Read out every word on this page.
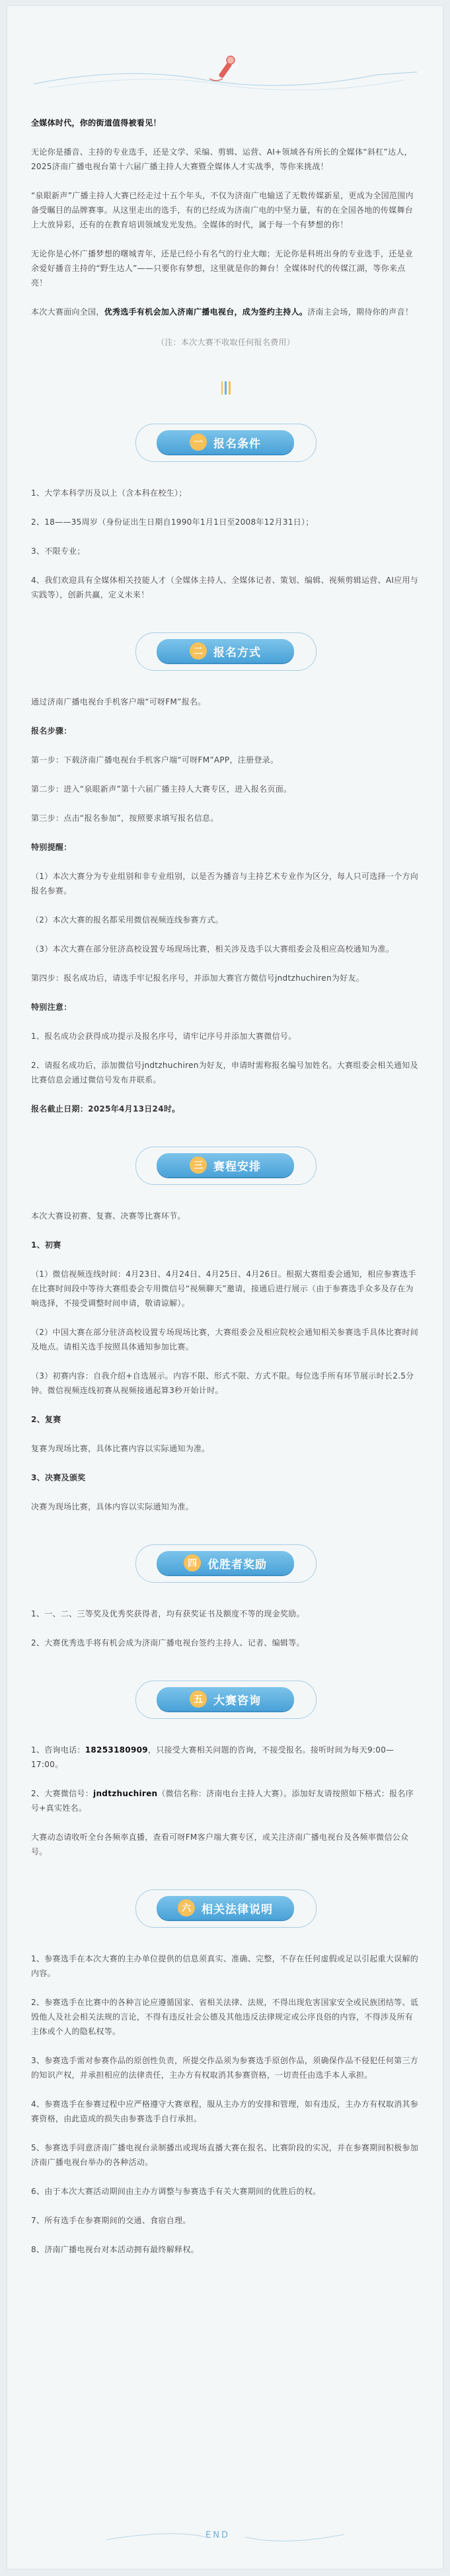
全媒体时代，你的街道值得被看见！

无论你是播音、主持的专业选手，还是文学、采编、剪辑、运营、AI+领域各有所长的全媒体“斜杠”达人，2025济南广播电视台第十六届广播主持人大赛暨全媒体人才实战季，等你来挑战！

“泉眼新声”广播主持人大赛已经走过十五个年头，不仅为济南广电输送了无数传媒新星，更成为全国范围内备受瞩目的品牌赛事。从这里走出的选手，有的已经成为济南广电的中坚力量，有的在全国各地的传媒舞台上大放异彩，还有的在教育培训领域发光发热。全媒体的时代，属于每一个有梦想的你！

无论你是心怀广播梦想的曙城青年，还是已经小有名气的行业大咖；无论你是科班出身的专业选手，还是业余爱好播音主持的“野生达人”——只要你有梦想，这里就是你的舞台！全媒体时代的传媒江湖，等你来点亮！

本次大赛面向全国，优秀选手有机会加入济南广播电视台，成为签约主持人。济南主会场，期待你的声音！

（注：本次大赛不收取任何报名费用）

一 报名条件

1、大学本科学历及以上（含本科在校生）；

2、18——35周岁（身份证出生日期自1990年1月1日至2008年12月31日）；

3、不限专业；

4、我们欢迎具有全媒体相关技能人才（全媒体主持人、全媒体记者、策划、编辑、视频剪辑运营、AI应用与实践等），创新共赢，定义未来！

二 报名方式

通过济南广播电视台手机客户端“可呀FM”报名。

报名步骤：

第一步：下载济南广播电视台手机客户端“可呀FM”APP，注册登录。

第二步：进入“泉眼新声”第十六届广播主持人大赛专区，进入报名页面。

第三步：点击“报名参加”，按照要求填写报名信息。

特别提醒：

（1）本次大赛分为专业组别和非专业组别，以是否为播音与主持艺术专业作为区分，每人只可选择一个方向报名参赛。

（2）本次大赛的报名都采用微信视频连线参赛方式。

（3）本次大赛在部分驻济高校设置专场现场比赛，相关涉及选手以大赛组委会及相应高校通知为准。

第四步：报名成功后，请选手牢记报名序号，并添加大赛官方微信号jndtzhuchiren为好友。

特别注意：

1、报名成功会获得成功提示及报名序号，请牢记序号并添加大赛微信号。

2、请报名成功后，添加微信号jndtzhuchiren为好友，申请时需称报名编号加姓名。大赛组委会相关通知及比赛信息会通过微信号发布并联系。

报名截止日期：2025年4月13日24时。

三 赛程安排

本次大赛设初赛、复赛、决赛等比赛环节。

1、初赛

（1）微信视频连线时间：4月23日、4月24日、4月25日、4月26日。根据大赛组委会通知，相应参赛选手在比赛时间段中等待大赛组委会专用微信号“视频聊天”邀请，接通后进行展示（由于参赛选手众多及存在为响选择，不接受调整时间申请，敬请谅解）。

（2）中国大赛在部分驻济高校设置专场现场比赛，大赛组委会及相应院校会通知相关参赛选手具体比赛时间及地点。请相关选手按照具体通知参加比赛。

（3）初赛内容：自我介绍+自选展示。内容不限、形式不限、方式不限。每位选手所有环节展示时长2.5分钟。微信视频连线初赛从视频接通起算3秒开始计时。

2、复赛

复赛为现场比赛，具体比赛内容以实际通知为准。

3、决赛及颁奖

决赛为现场比赛，具体内容以实际通知为准。

四 优胜者奖励

1、一、二、三等奖及优秀奖获得者，均有获奖证书及额度不等的现金奖励。

2、大赛优秀选手将有机会成为济南广播电视台签约主持人、记者、编辑等。

五 大赛咨询

1、咨询电话：18253180909，只接受大赛相关问题的咨询，不接受报名。接听时间为每天9:00—17:00。

2、大赛微信号：jndtzhuchiren（微信名称：济南电台主持人大赛）。添加好友请按照如下格式：报名序号+真实姓名。

大赛动态请收听全台各频率直播，查看可呀FM客户端大赛专区，或关注济南广播电视台及各频率微信公众号。

六 相关法律说明

1、参赛选手在本次大赛的主办单位提供的信息须真实、准确、完整，不存在任何虚假或足以引起重大误解的内容。

2、参赛选手在比赛中的各种言论应遵循国家、省相关法律、法规，不得出现危害国家安全或民族团结等、诋毁他人及社会相关法规的言论，不得有违反社会公德及其他违反法律规定或公序良俗的内容，不得涉及所有主体或个人的隐私权等。

3、参赛选手需对参赛作品的原创性负责，所提交作品须为参赛选手原创作品，须确保作品不侵犯任何第三方的知识产权，并承担相应的法律责任，主办方有权取消其参赛资格，一切责任由选手本人承担。

4、参赛选手在参赛过程中应严格遵守大赛章程，服从主办方的安排和管理，如有违反，主办方有权取消其参赛资格，由此造成的损失由参赛选手自行承担。

5、参赛选手同意济南广播电视台录制播出或现场直播大赛在报名、比赛阶段的实况，并在参赛期间积极参加济南广播电视台举办的各种活动。

6、由于本次大赛活动期间由主办方调整与参赛选手有关大赛期间的优胜后的权。

7、所有选手在参赛期间的交通、食宿自理。

8、济南广播电视台对本活动拥有最终解释权。

END
